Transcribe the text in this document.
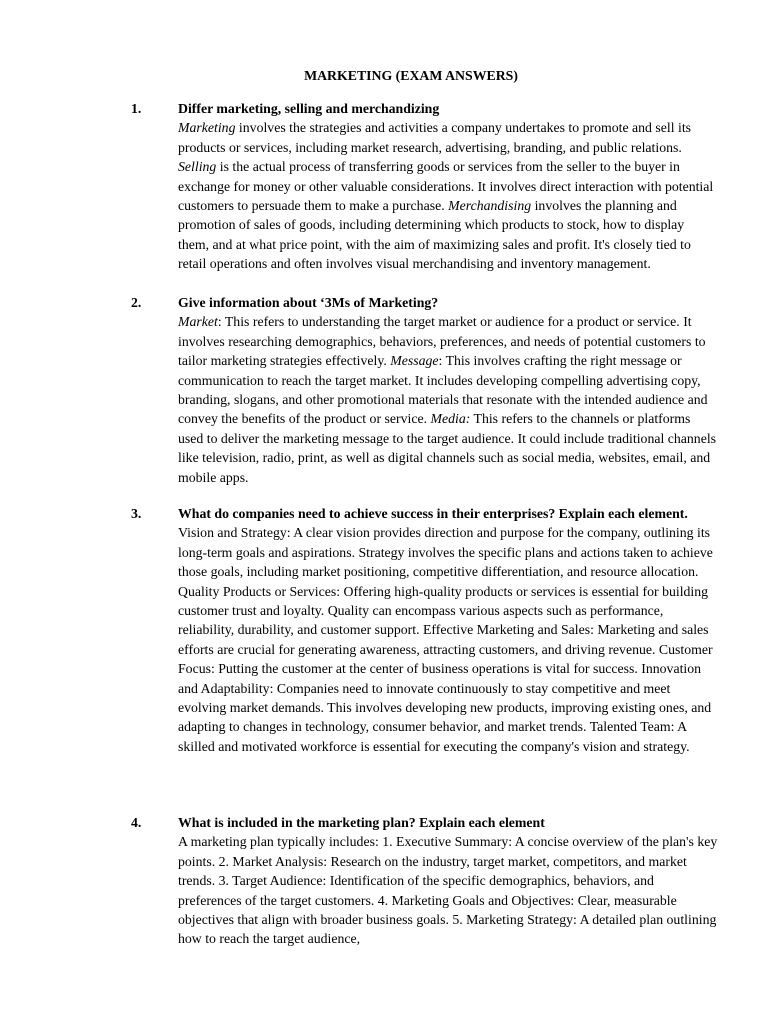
MARKETING (EXAM ANSWERS)
1.	Differ marketing, selling and merchandizing
Marketing involves the strategies and activities a company undertakes to promote and sell its products or services, including market research, advertising, branding, and public relations. Selling is the actual process of transferring goods or services from the seller to the buyer in exchange for money or other valuable considerations. It involves direct interaction with potential customers to persuade them to make a purchase. Merchandising involves the planning and promotion of sales of goods, including determining which products to stock, how to display them, and at what price point, with the aim of maximizing sales and profit. It's closely tied to retail operations and often involves visual merchandising and inventory management.
2.	Give information about ‘3Ms of Marketing?
Market: This refers to understanding the target market or audience for a product or service. It involves researching demographics, behaviors, preferences, and needs of potential customers to tailor marketing strategies effectively. Message: This involves crafting the right message or communication to reach the target market. It includes developing compelling advertising copy, branding, slogans, and other promotional materials that resonate with the intended audience and convey the benefits of the product or service. Media: This refers to the channels or platforms used to deliver the marketing message to the target audience. It could include traditional channels like television, radio, print, as well as digital channels such as social media, websites, email, and mobile apps.
3.	What do companies need to achieve success in their enterprises? Explain each element.
Vision and Strategy: A clear vision provides direction and purpose for the company, outlining its long-term goals and aspirations. Strategy involves the specific plans and actions taken to achieve those goals, including market positioning, competitive differentiation, and resource allocation. Quality Products or Services: Offering high-quality products or services is essential for building customer trust and loyalty. Quality can encompass various aspects such as performance, reliability, durability, and customer support. Effective Marketing and Sales: Marketing and sales efforts are crucial for generating awareness, attracting customers, and driving revenue. Customer Focus: Putting the customer at the center of business operations is vital for success. Innovation and Adaptability: Companies need to innovate continuously to stay competitive and meet evolving market demands. This involves developing new products, improving existing ones, and adapting to changes in technology, consumer behavior, and market trends. Talented Team: A skilled and motivated workforce is essential for executing the company's vision and strategy.
4.	What is included in the marketing plan? Explain each element
A marketing plan typically includes: 1. Executive Summary: A concise overview of the plan's key points. 2. Market Analysis: Research on the industry, target market, competitors, and market trends. 3. Target Audience: Identification of the specific demographics, behaviors, and preferences of the target customers. 4. Marketing Goals and Objectives: Clear, measurable objectives that align with broader business goals. 5. Marketing Strategy: A detailed plan outlining how to reach the target audience,
